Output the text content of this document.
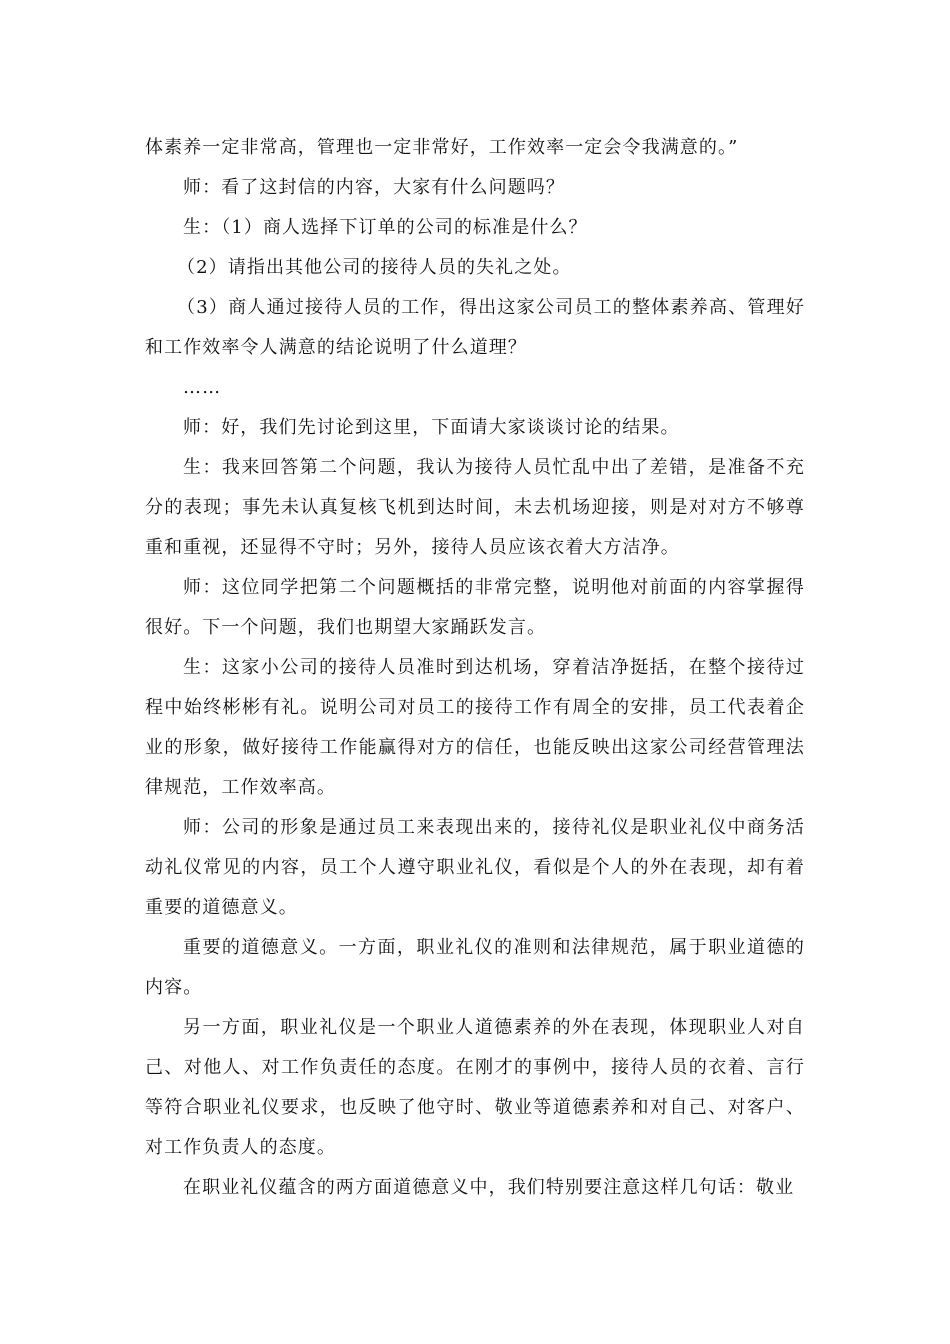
体素养一定非常高，管理也一定非常好，工作效率一定会令我满意的。”

师：看了这封信的内容，大家有什么问题吗？

生：（1）商人选择下订单的公司的标准是什么？

（2）请指出其他公司的接待人员的失礼之处。

（3）商人通过接待人员的工作，得出这家公司员工的整体素养高、管理好和工作效率令人满意的结论说明了什么道理？

……

师：好，我们先讨论到这里，下面请大家谈谈讨论的结果。

生：我来回答第二个问题，我认为接待人员忙乱中出了差错，是准备不充分的表现；事先未认真复核飞机到达时间，未去机场迎接，则是对对方不够尊重和重视，还显得不守时；另外，接待人员应该衣着大方洁净。

师：这位同学把第二个问题概括的非常完整，说明他对前面的内容掌握得很好。下一个问题，我们也期望大家踊跃发言。

生：这家小公司的接待人员准时到达机场，穿着洁净挺括，在整个接待过程中始终彬彬有礼。说明公司对员工的接待工作有周全的安排，员工代表着企业的形象，做好接待工作能赢得对方的信任，也能反映出这家公司经营管理法律规范，工作效率高。

师：公司的形象是通过员工来表现出来的，接待礼仪是职业礼仪中商务活动礼仪常见的内容，员工个人遵守职业礼仪，看似是个人的外在表现，却有着重要的道德意义。

重要的道德意义。一方面，职业礼仪的准则和法律规范，属于职业道德的内容。

另一方面，职业礼仪是一个职业人道德素养的外在表现，体现职业人对自己、对他人、对工作负责任的态度。在刚才的事例中，接待人员的衣着、言行等符合职业礼仪要求，也反映了他守时、敬业等道德素养和对自己、对客户、对工作负责人的态度。

在职业礼仪蕴含的两方面道德意义中，我们特别要注意这样几句话：敬业
